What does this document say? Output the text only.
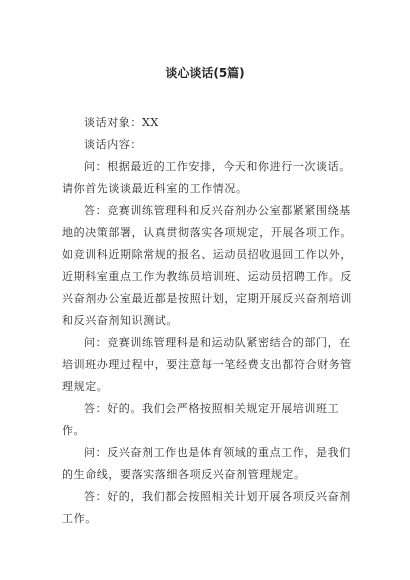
谈心谈话(5篇)

谈话对象：XX

谈话内容：

问：根据最近的工作安排，今天和你进行一次谈话。请你首先谈谈最近科室的工作情况。

答：竞赛训练管理科和反兴奋剂办公室都紧紧围绕基地的决策部署，认真贯彻落实各项规定，开展各项工作。如竞训科近期除常规的报名、运动员招收退回工作以外，近期科室重点工作为教练员培训班、运动员招聘工作。反兴奋剂办公室最近都是按照计划，定期开展反兴奋剂培训和反兴奋剂知识测试。

问：竞赛训练管理科是和运动队紧密结合的部门，在培训班办理过程中，要注意每一笔经费支出都符合财务管理规定。

答：好的。我们会严格按照相关规定开展培训班工作。

问：反兴奋剂工作也是体育领域的重点工作，是我们的生命线，要落实落细各项反兴奋剂管理规定。

答：好的，我们都会按照相关计划开展各项反兴奋剂工作。
